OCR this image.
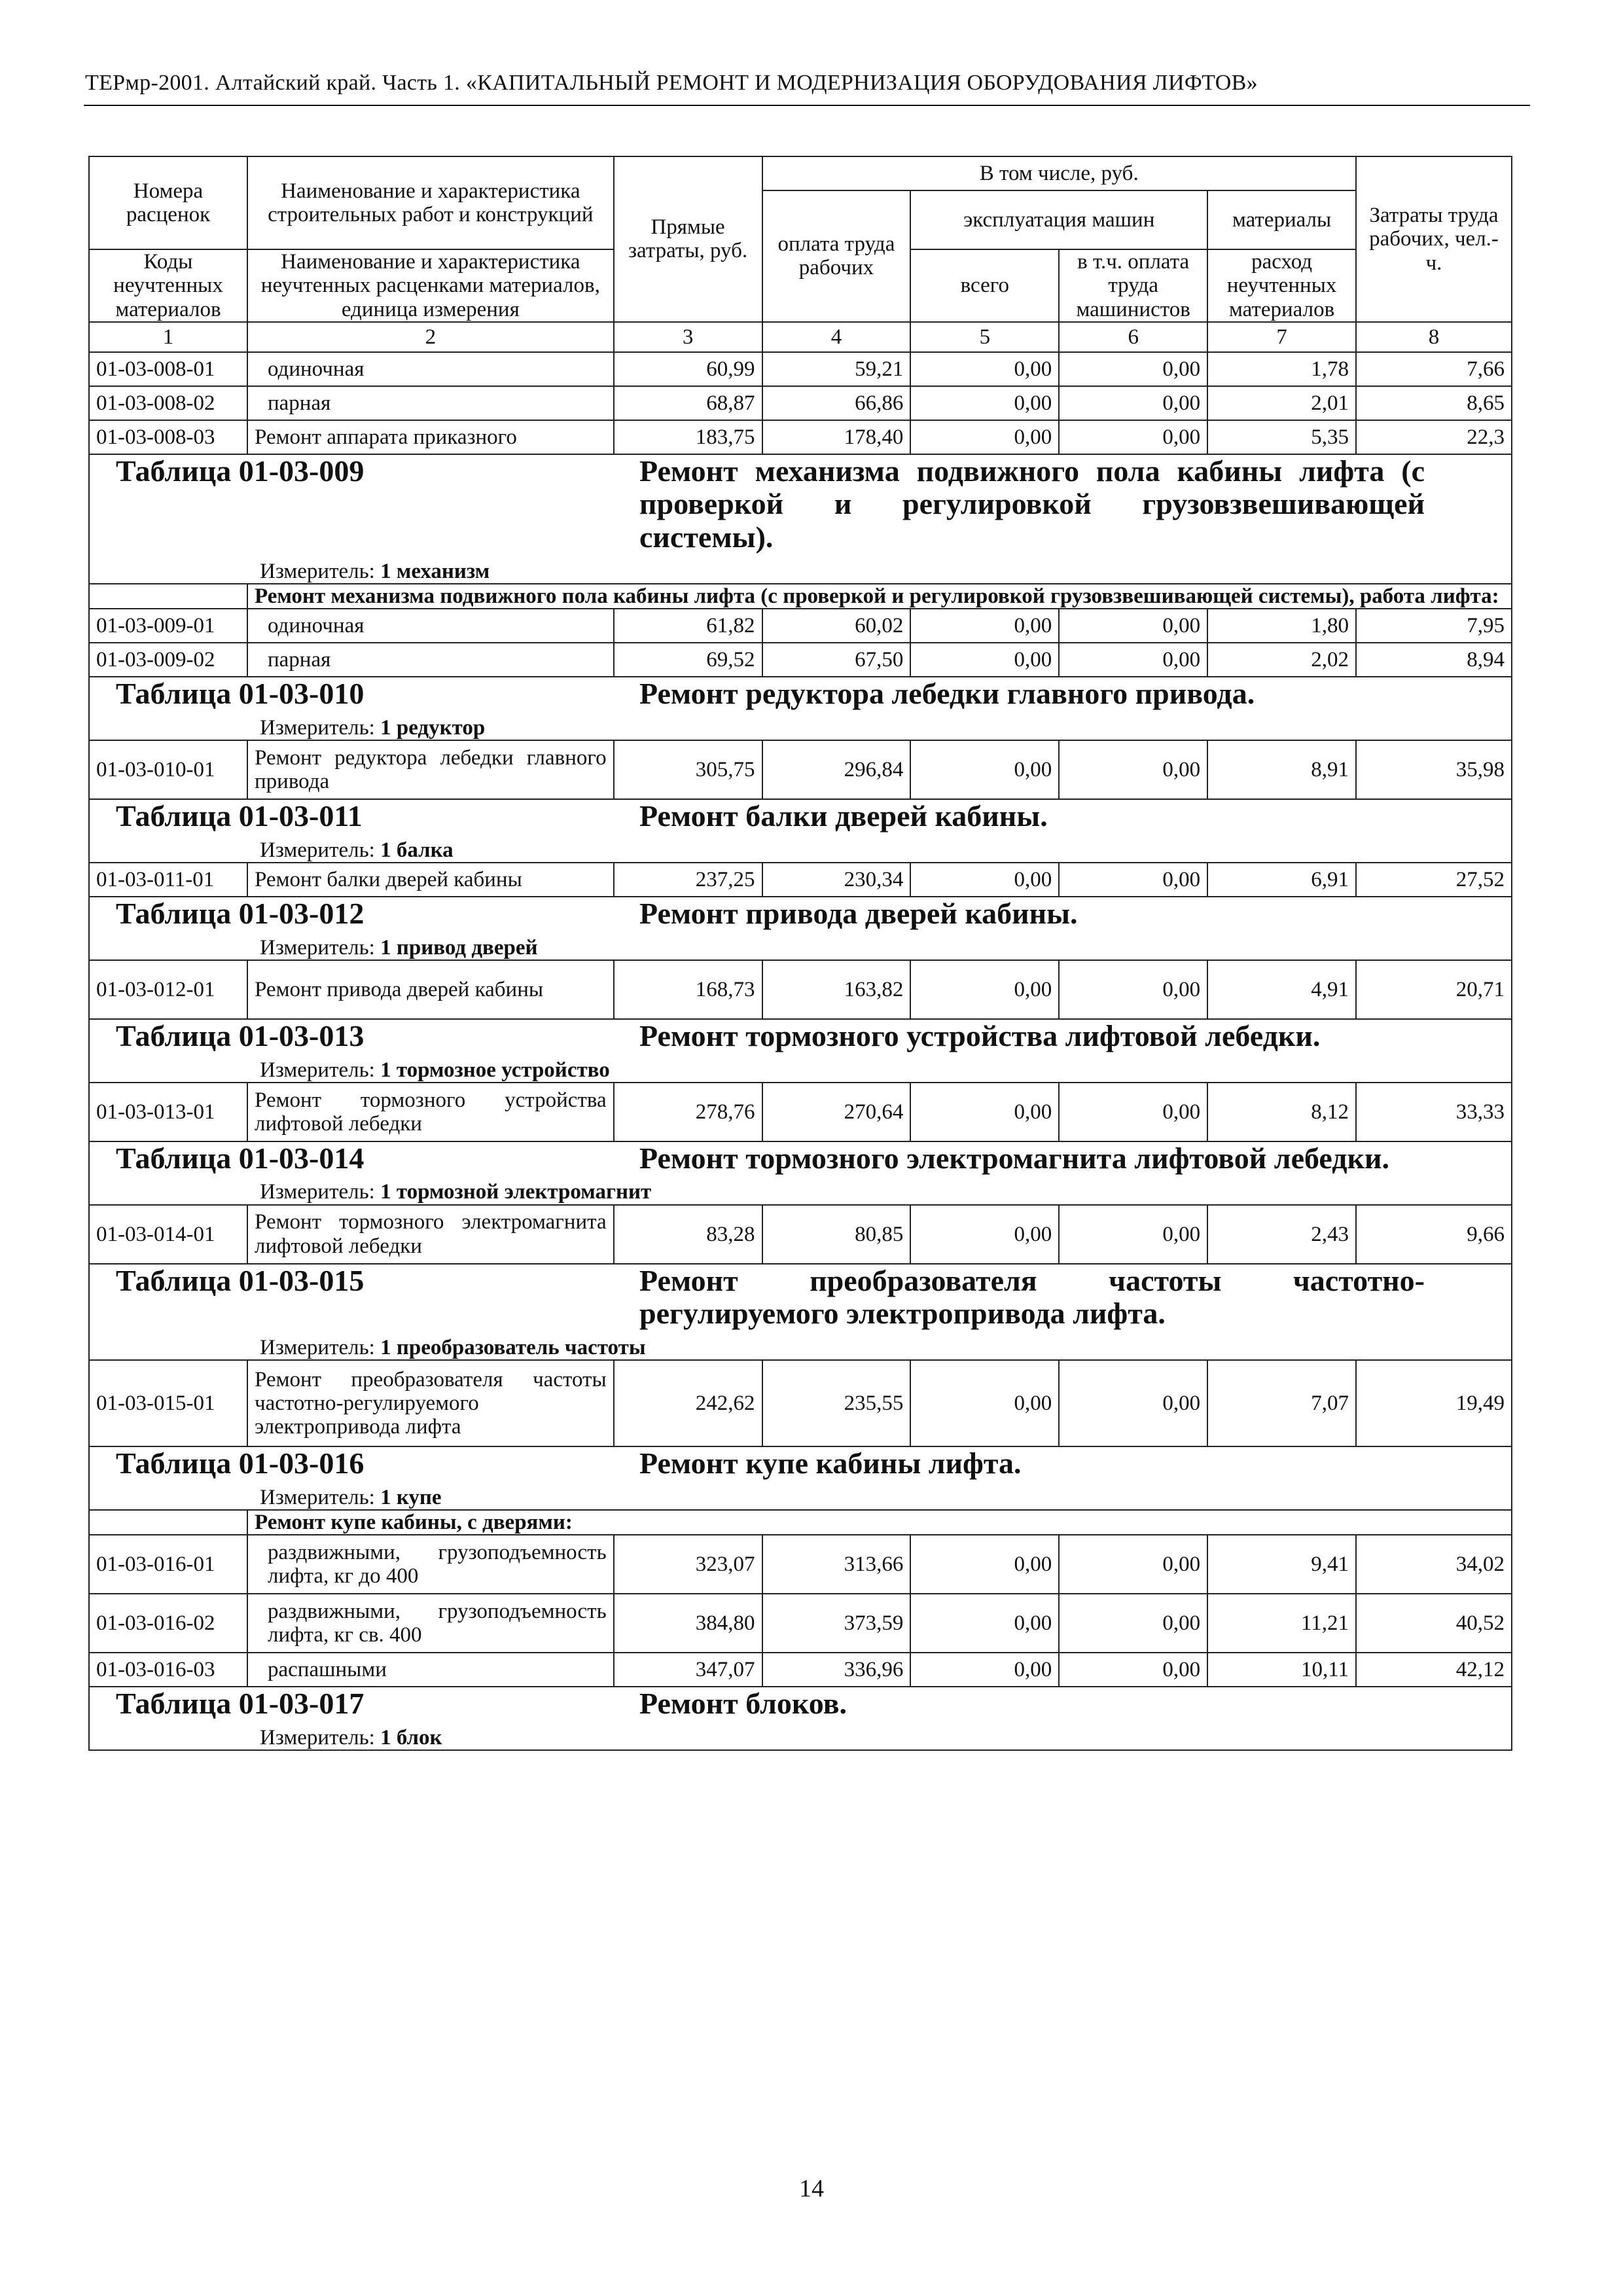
ТЕРмр-2001. Алтайский край. Часть 1. «КАПИТАЛЬНЫЙ РЕМОНТ И МОДЕРНИЗАЦИЯ ОБОРУДОВАНИЯ ЛИФТОВ»
Номера расценок	Наименование и характеристика строительных работ и конструкций	Прямые затраты, руб.	В том числе, руб.				Затраты труда рабочих, чел.-ч.
			оплата труда рабочих	эксплуатация машин		материалы	
Коды неучтенных материалов	Наименование и характеристика неучтенных расценками материалов, единица измерения			всего	в т.ч. оплата труда машинистов	расход неучтенных материалов	
1	2	3	4	5	6	7	8
01-03-008-01	одиночная	60,99	59,21	0,00	0,00	1,78	7,66
01-03-008-02	парная	68,87	66,86	0,00	0,00	2,01	8,65
01-03-008-03	Ремонт аппарата приказного	183,75	178,40	0,00	0,00	5,35	22,3

Таблица 01-03-009 Ремонт механизма подвижного пола кабины лифта (с проверкой и регулировкой грузовзвешивающей системы).
Измеритель: 1 механизм							

	Ремонт механизма подвижного пола кабины лифта (с проверкой и регулировкой грузовзвешивающей системы), работа лифта:						
01-03-009-01	одиночная	61,82	60,02	0,00	0,00	1,80	7,95
01-03-009-02	парная	69,52	67,50	0,00	0,00	2,02	8,94

Таблица 01-03-010 Ремонт редуктора лебедки главного привода.
Измеритель: 1 редуктор							

01-03-010-01	Ремонт редуктора лебедки главного привода	305,75	296,84	0,00	0,00	8,91	35,98

Таблица 01-03-011 Ремонт балки дверей кабины.
Измеритель: 1 балка							

01-03-011-01	Ремонт балки дверей кабины	237,25	230,34	0,00	0,00	6,91	27,52

Таблица 01-03-012 Ремонт привода дверей кабины.
Измеритель: 1 привод дверей							

01-03-012-01	Ремонт привода дверей кабины	168,73	163,82	0,00	0,00	4,91	20,71

Таблица 01-03-013 Ремонт тормозного устройства лифтовой лебедки.
Измеритель: 1 тормозное устройство							

01-03-013-01	Ремонт тормозного устройства лифтовой лебедки	278,76	270,64	0,00	0,00	8,12	33,33

Таблица 01-03-014 Ремонт тормозного электромагнита лифтовой лебедки.
Измеритель: 1 тормозной электромагнит							

01-03-014-01	Ремонт тормозного электромагнита лифтовой лебедки	83,28	80,85	0,00	0,00	2,43	9,66

Таблица 01-03-015 Ремонт преобразователя частоты частотно-регулируемого электропривода лифта.
Измеритель: 1 преобразователь частоты							

01-03-015-01	Ремонт преобразователя частоты частотно-регулируемого электропривода лифта	242,62	235,55	0,00	0,00	7,07	19,49

Таблица 01-03-016 Ремонт купе кабины лифта.
Измеритель: 1 купе							

	Ремонт купе кабины, с дверями:						
01-03-016-01	раздвижными, грузоподъемность лифта, кг до 400	323,07	313,66	0,00	0,00	9,41	34,02
01-03-016-02	раздвижными, грузоподъемность лифта, кг св. 400	384,80	373,59	0,00	0,00	11,21	40,52
01-03-016-03	распашными	347,07	336,96	0,00	0,00	10,11	42,12

Таблица 01-03-017 Ремонт блоков.
Измеритель: 1 блок							
14
